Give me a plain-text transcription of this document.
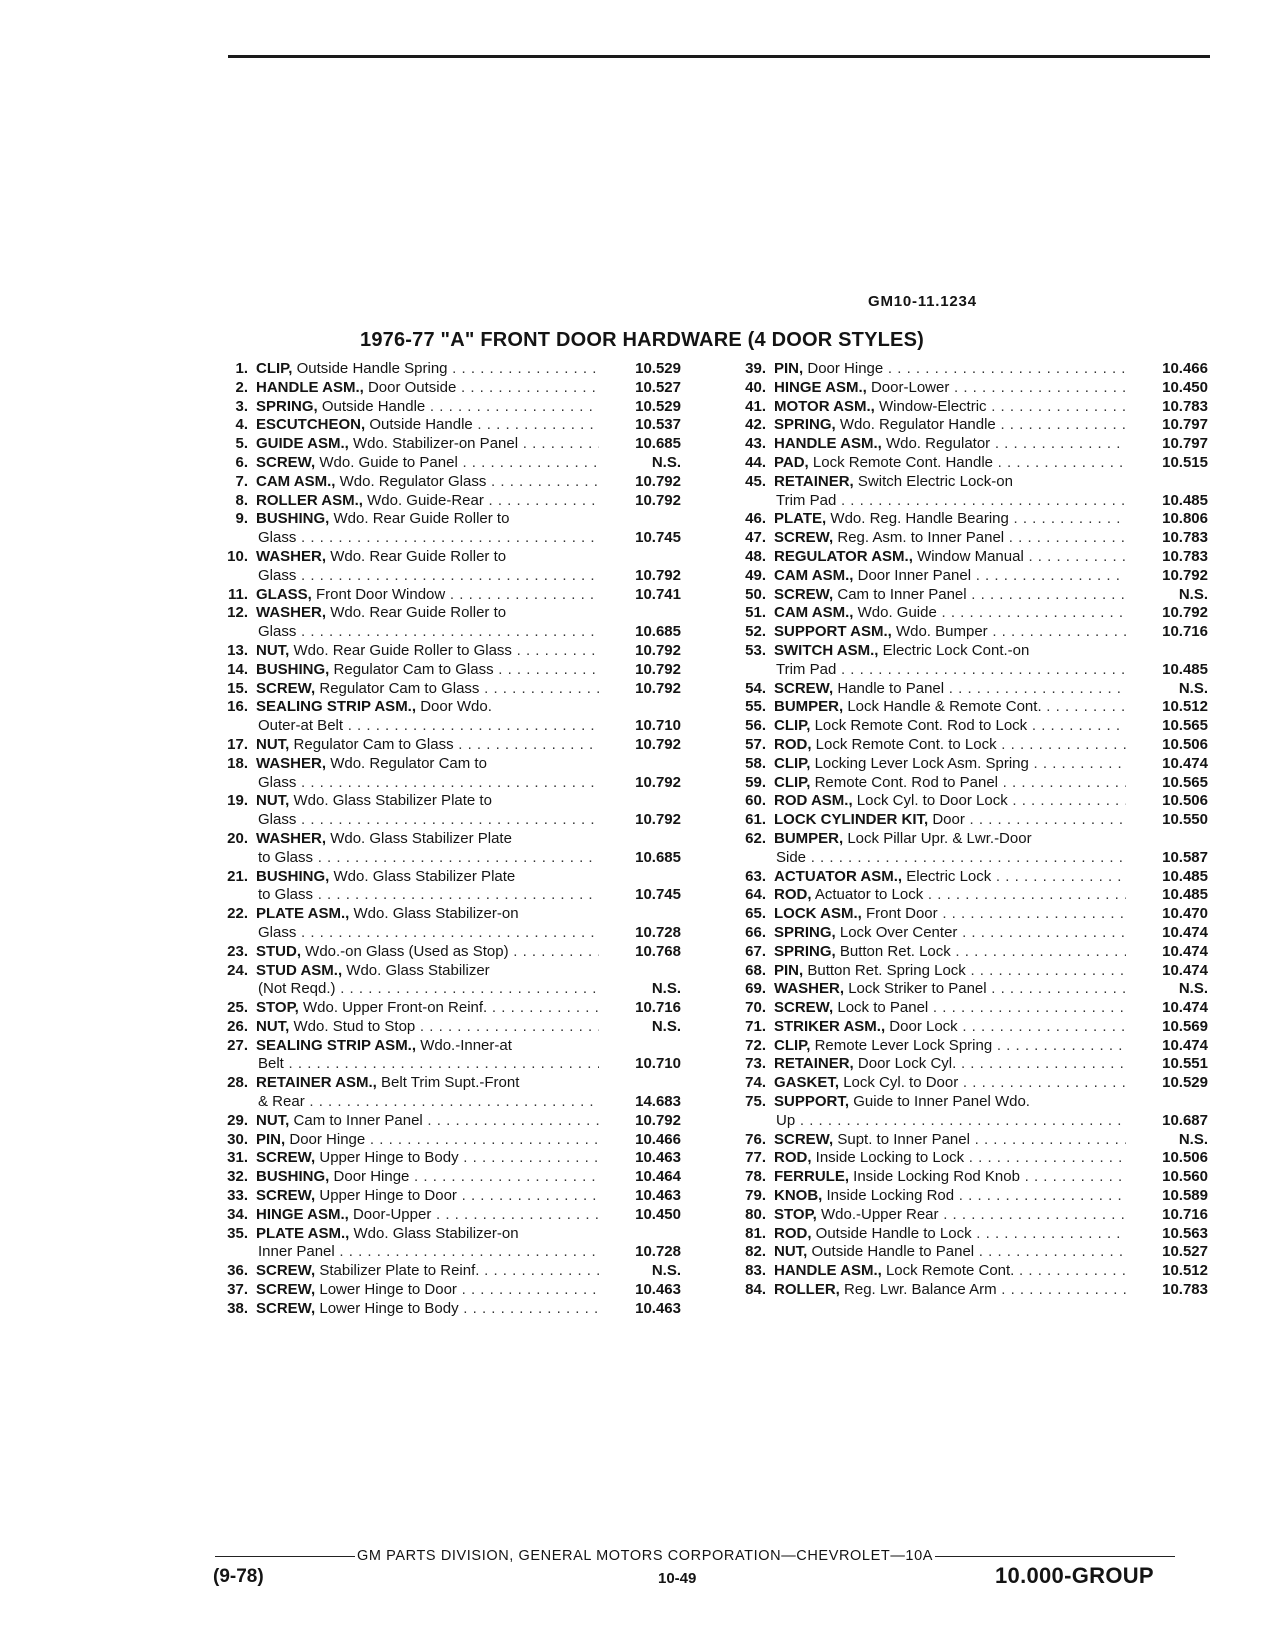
GM10-11.1234
1976-77 "A" FRONT DOOR HARDWARE (4 DOOR STYLES)
1. CLIP, Outside Handle Spring . . .	10.529
2. HANDLE ASM., Door Outside . . .	10.527
3. SPRING, Outside Handle . . .	10.529
4. ESCUTCHEON, Outside Handle . . .	10.537
5. GUIDE ASM., Wdo. Stabilizer-on Panel . . .	10.685
6. SCREW, Wdo. Guide to Panel . . .	N.S.
7. CAM ASM., Wdo. Regulator Glass . . .	10.792
8. ROLLER ASM., Wdo. Guide-Rear . . .	10.792
9. BUSHING, Wdo. Rear Guide Roller to
Glass . . .	10.745
10. WASHER, Wdo. Rear Guide Roller to
Glass . . .	10.792
11. GLASS, Front Door Window . . .	10.741
12. WASHER, Wdo. Rear Guide Roller to
Glass . . .	10.685
13. NUT, Wdo. Rear Guide Roller to Glass . . .	10.792
14. BUSHING, Regulator Cam to Glass . . .	10.792
15. SCREW, Regulator Cam to Glass . . .	10.792
16. SEALING STRIP ASM., Door Wdo.
Outer-at Belt . . .	10.710
17. NUT, Regulator Cam to Glass . . .	10.792
18. WASHER, Wdo. Regulator Cam to
Glass . . .	10.792
19. NUT, Wdo. Glass Stabilizer Plate to
Glass . . .	10.792
20. WASHER, Wdo. Glass Stabilizer Plate
to Glass . . .	10.685
21. BUSHING, Wdo. Glass Stabilizer Plate
to Glass . . .	10.745
22. PLATE ASM., Wdo. Glass Stabilizer-on
Glass . . .	10.728
23. STUD, Wdo.-on Glass (Used as Stop) . . .	10.768
24. STUD ASM., Wdo. Glass Stabilizer
(Not Reqd.) . . .	N.S.
25. STOP, Wdo. Upper Front-on Reinf. . . .	10.716
26. NUT, Wdo. Stud to Stop . . .	N.S.
27. SEALING STRIP ASM., Wdo.-Inner-at
Belt . . .	10.710
28. RETAINER ASM., Belt Trim Supt.-Front
& Rear . . .	14.683
29. NUT, Cam to Inner Panel . . .	10.792
30. PIN, Door Hinge . . .	10.466
31. SCREW, Upper Hinge to Body . . .	10.463
32. BUSHING, Door Hinge . . .	10.464
33. SCREW, Upper Hinge to Door . . .	10.463
34. HINGE ASM., Door-Upper . . .	10.450
35. PLATE ASM., Wdo. Glass Stabilizer-on
Inner Panel . . .	10.728
36. SCREW, Stabilizer Plate to Reinf. . . .	N.S.
37. SCREW, Lower Hinge to Door . . .	10.463
38. SCREW, Lower Hinge to Body . . .	10.463
39. PIN, Door Hinge . . .	10.466
40. HINGE ASM., Door-Lower . . .	10.450
41. MOTOR ASM., Window-Electric . . .	10.783
42. SPRING, Wdo. Regulator Handle . . .	10.797
43. HANDLE ASM., Wdo. Regulator . . .	10.797
44. PAD, Lock Remote Cont. Handle . . .	10.515
45. RETAINER, Switch Electric Lock-on
Trim Pad . . .	10.485
46. PLATE, Wdo. Reg. Handle Bearing . . .	10.806
47. SCREW, Reg. Asm. to Inner Panel . . .	10.783
48. REGULATOR ASM., Window Manual . . .	10.783
49. CAM ASM., Door Inner Panel . . .	10.792
50. SCREW, Cam to Inner Panel . . .	N.S.
51. CAM ASM., Wdo. Guide . . .	10.792
52. SUPPORT ASM., Wdo. Bumper . . .	10.716
53. SWITCH ASM., Electric Lock Cont.-on
Trim Pad . . .	10.485
54. SCREW, Handle to Panel . . .	N.S.
55. BUMPER, Lock Handle & Remote Cont. . . .	10.512
56. CLIP, Lock Remote Cont. Rod to Lock . . .	10.565
57. ROD, Lock Remote Cont. to Lock . . .	10.506
58. CLIP, Locking Lever Lock Asm. Spring . . .	10.474
59. CLIP, Remote Cont. Rod to Panel . . .	10.565
60. ROD ASM., Lock Cyl. to Door Lock . . .	10.506
61. LOCK CYLINDER KIT, Door . . .	10.550
62. BUMPER, Lock Pillar Upr. & Lwr.-Door
Side . . .	10.587
63. ACTUATOR ASM., Electric Lock . . .	10.485
64. ROD, Actuator to Lock . . .	10.485
65. LOCK ASM., Front Door . . .	10.470
66. SPRING, Lock Over Center . . .	10.474
67. SPRING, Button Ret. Lock . . .	10.474
68. PIN, Button Ret. Spring Lock . . .	10.474
69. WASHER, Lock Striker to Panel . . .	N.S.
70. SCREW, Lock to Panel . . .	10.474
71. STRIKER ASM., Door Lock . . .	10.569
72. CLIP, Remote Lever Lock Spring . . .	10.474
73. RETAINER, Door Lock Cyl. . . .	10.551
74. GASKET, Lock Cyl. to Door . . .	10.529
75. SUPPORT, Guide to Inner Panel Wdo.
Up . . .	10.687
76. SCREW, Supt. to Inner Panel . . .	N.S.
77. ROD, Inside Locking to Lock . . .	10.506
78. FERRULE, Inside Locking Rod Knob . . .	10.560
79. KNOB, Inside Locking Rod . . .	10.589
80. STOP, Wdo.-Upper Rear . . .	10.716
81. ROD, Outside Handle to Lock . . .	10.563
82. NUT, Outside Handle to Panel . . .	10.527
83. HANDLE ASM., Lock Remote Cont. . . .	10.512
84. ROLLER, Reg. Lwr. Balance Arm . . .	10.783
GM PARTS DIVISION, GENERAL MOTORS CORPORATION—CHEVROLET—10A
(9-78)	10-49	10.000-GROUP
